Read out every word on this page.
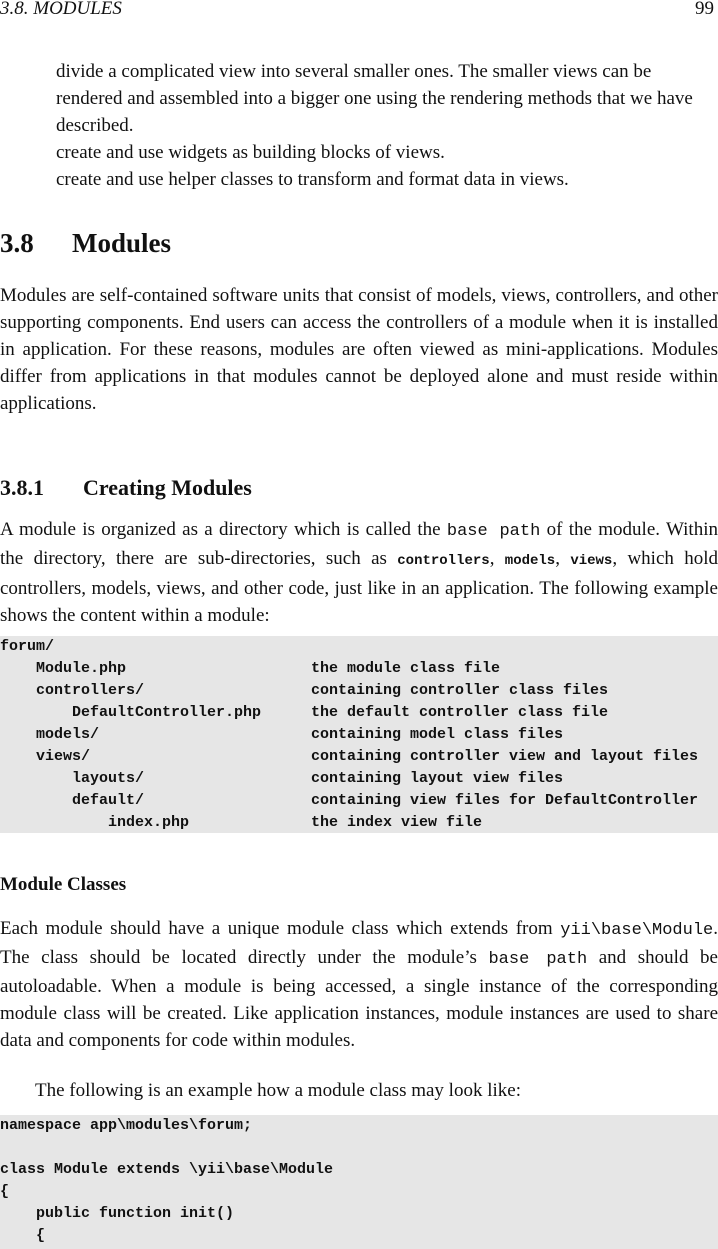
3.8. MODULES	99

divide a complicated view into several smaller ones. The smaller views can be rendered and assembled into a bigger one using the rendering methods that we have described.

create and use widgets as building blocks of views.

create and use helper classes to transform and format data in views.

3.8 Modules

Modules are self-contained software units that consist of models, views, controllers, and other supporting components. End users can access the controllers of a module when it is installed in application. For these reasons, modules are often viewed as mini-applications. Modules differ from applications in that modules cannot be deployed alone and must reside within applications.

3.8.1 Creating Modules

A module is organized as a directory which is called the base path of the module. Within the directory, there are sub-directories, such as controllers, models, views, which hold controllers, models, views, and other code, just like in an application. The following example shows the content within a module:

forum/
Module.php	the module class file
controllers/	containing controller class files
DefaultController.php	the default controller class file
models/	containing model class files
views/	containing controller view and layout files
layouts/	containing layout view files
default/	containing view files for DefaultController
index.php	the index view file
Module Classes

Each module should have a unique module class which extends from yii\base\Module. The class should be located directly under the module’s base path and should be autoloadable. When a module is being accessed, a single instance of the corresponding module class will be created. Like application instances, module instances are used to share data and components for code within modules.

The following is an example how a module class may look like:

namespace app\modules\forum;
class Module extends \yii\base\Module
{
public function init()
{
